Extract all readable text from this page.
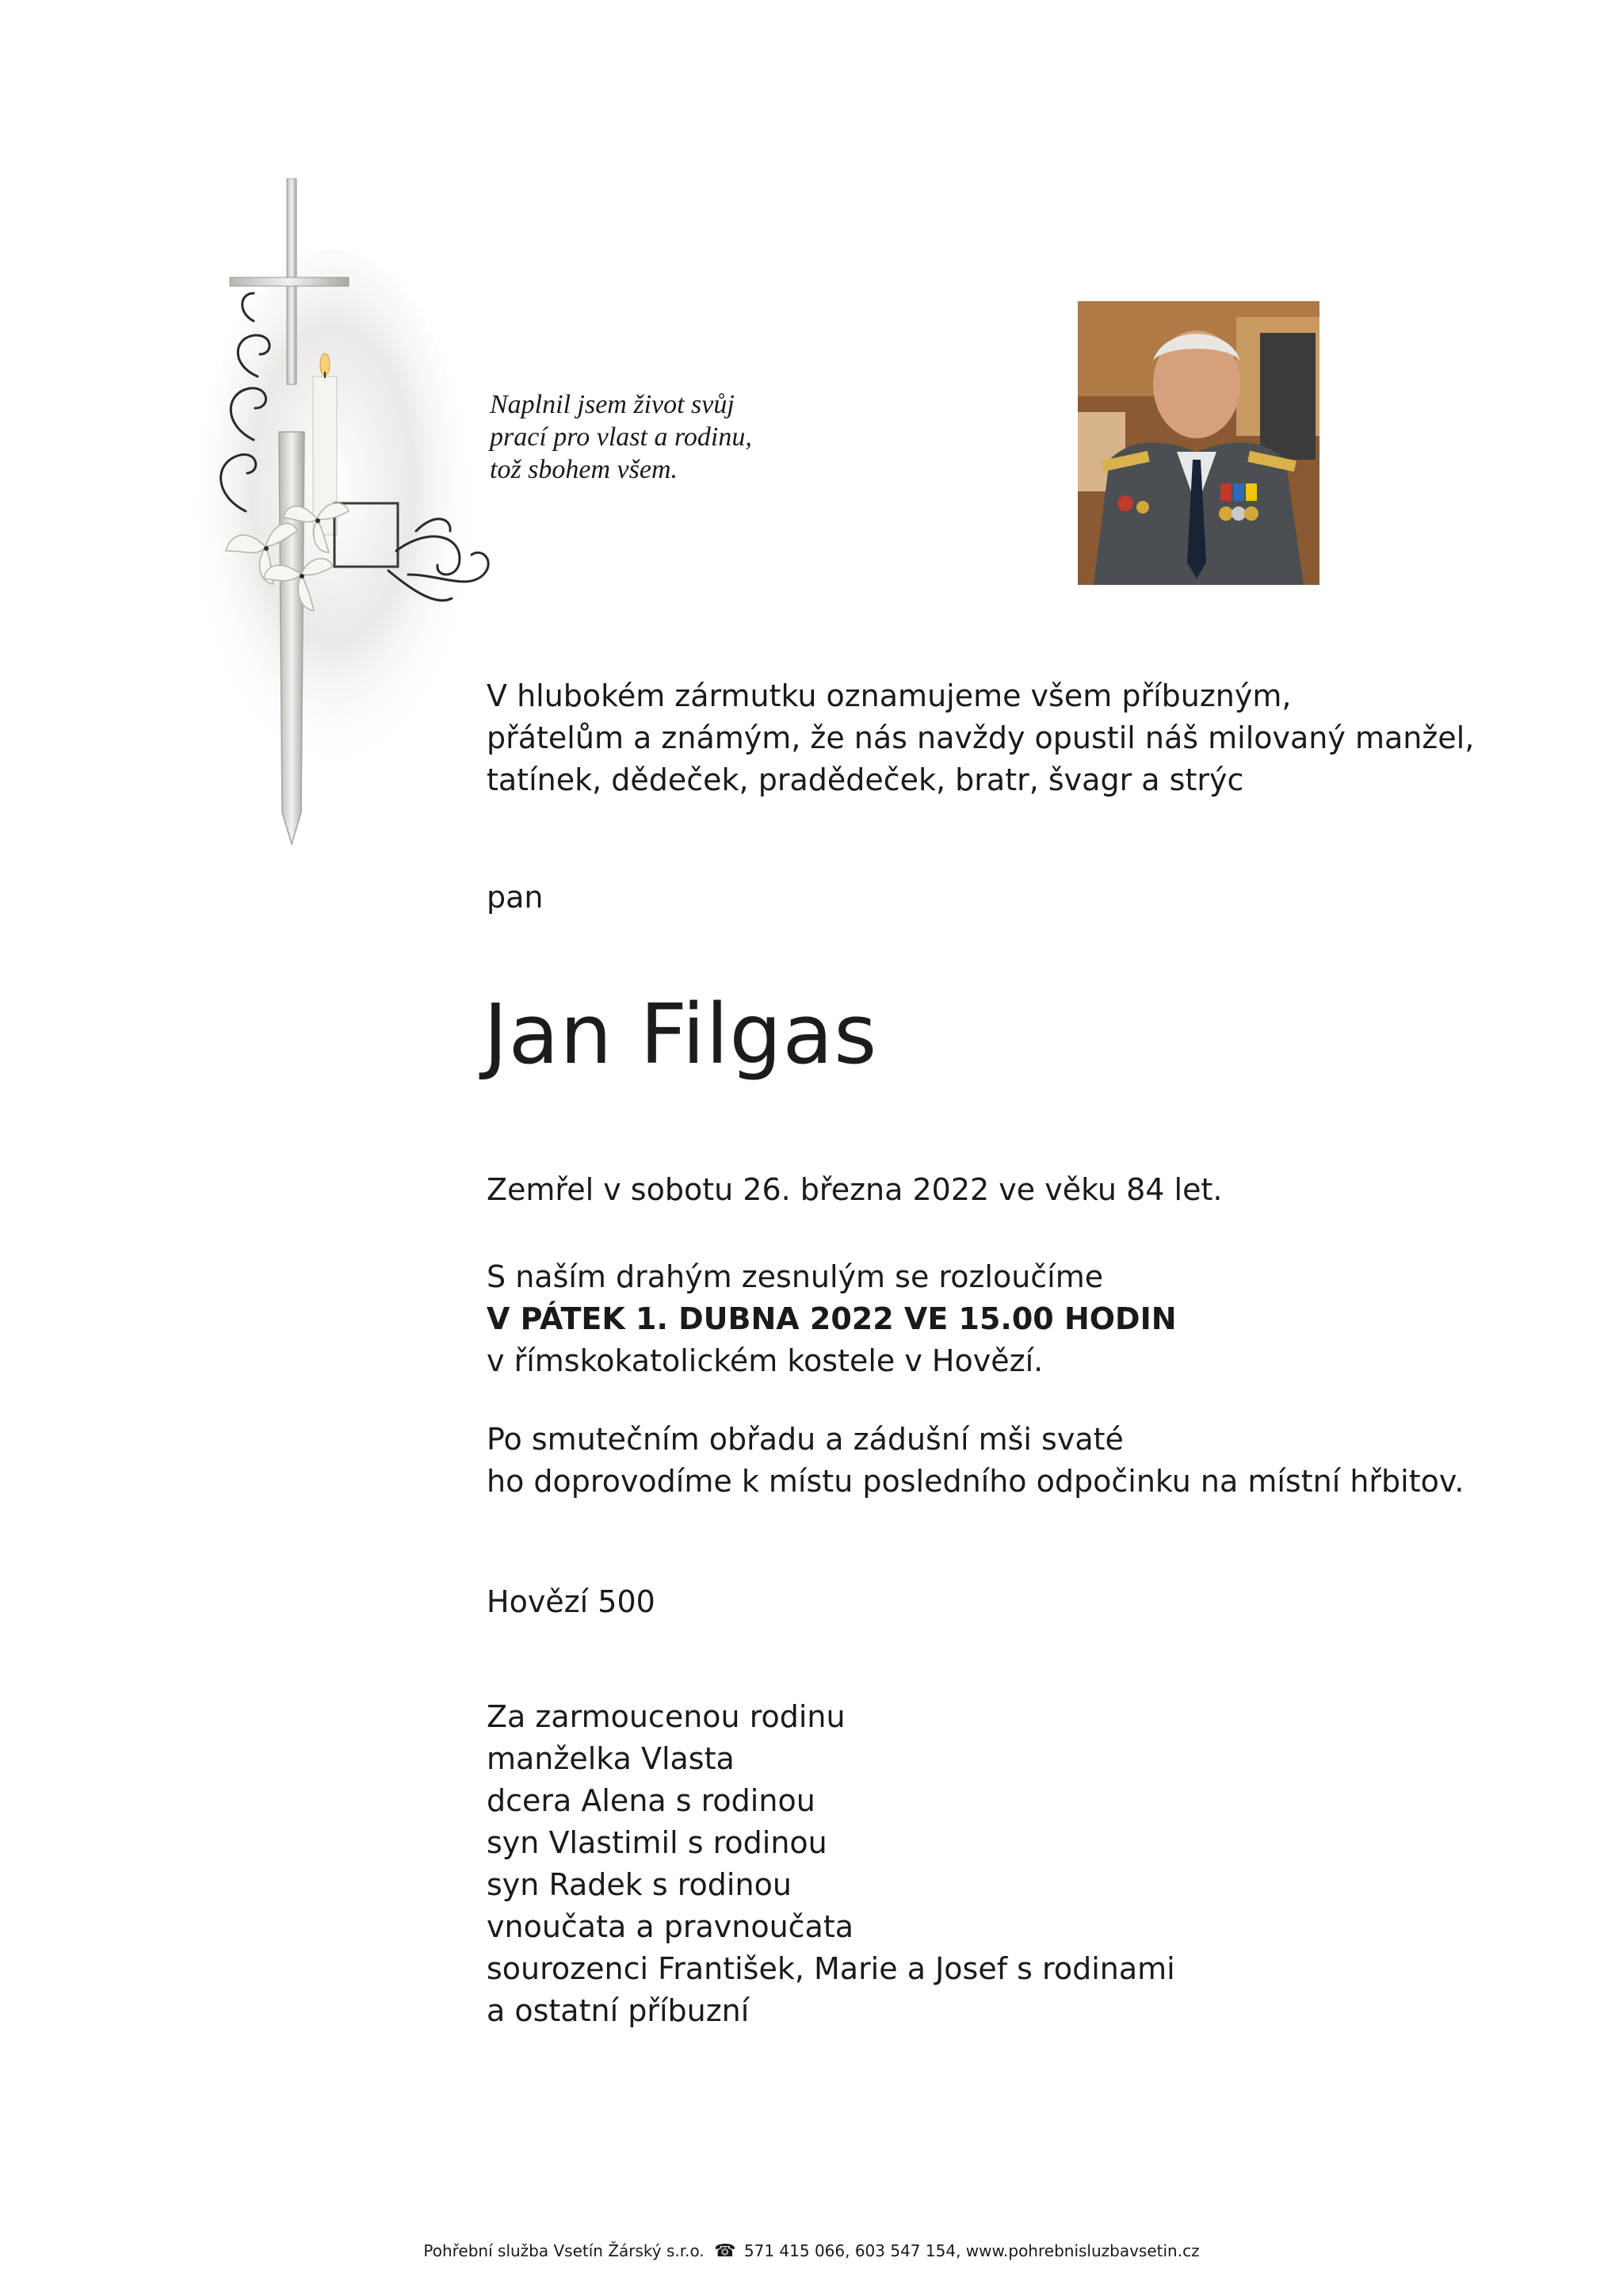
Naplnil jsem život svůj
prací pro vlast a rodinu,
tož sbohem všem.
V hlubokém zármutku oznamujeme všem příbuzným,
přátelům a známým, že nás navždy opustil náš milovaný manžel,
tatínek, dědeček, pradědeček, bratr, švagr a strýc
pan
Jan Filgas
Zemřel v sobotu 26. března 2022 ve věku 84 let.
S naším drahým zesnulým se rozloučíme
V PÁTEK 1. DUBNA 2022 VE 15.00 HODIN
v římskokatolickém kostele v Hovězí.
Po smutečním obřadu a zádušní mši svaté
ho doprovodíme k místu posledního odpočinku na místní hřbitov.
Hovězí 500
Za zarmoucenou rodinu
manželka Vlasta
dcera Alena s rodinou
syn Vlastimil s rodinou
syn Radek s rodinou
vnoučata a pravnoučata
sourozenci František, Marie a Josef s rodinami
a ostatní příbuzní
Pohřební služba Vsetín Žárský s.r.o. ☎ 571 415 066, 603 547 154, www.pohrebnisluzbavsetin.cz
